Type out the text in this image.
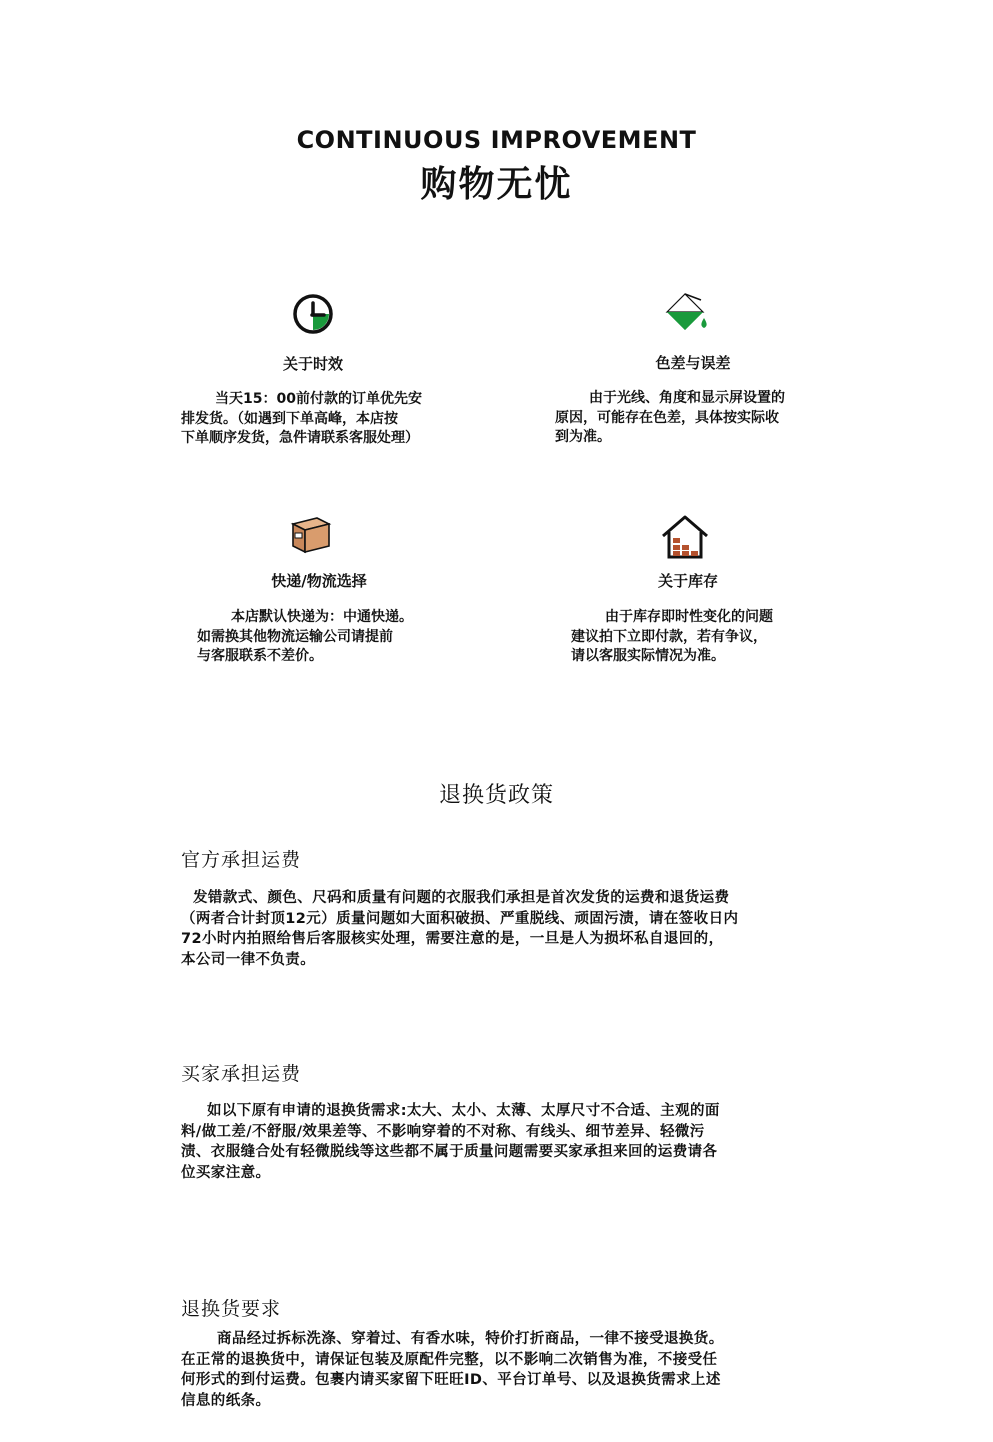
CONTINUOUS IMPROVEMENT
购物无忧
关于时效
当天15：00前付款的订单优先安
排发货。（如遇到下单高峰，本店按
下单顺序发货，急件请联系客服处理）
色差与误差
由于光线、角度和显示屏设置的
原因，可能存在色差，具体按实际收
到为准。
快递/物流选择
本店默认快递为：中通快递。
如需换其他物流运输公司请提前
与客服联系不差价。
关于库存
由于库存即时性变化的问题
建议拍下立即付款，若有争议，
请以客服实际情况为准。
退换货政策
官方承担运费
发错款式、颜色、尺码和质量有问题的衣服我们承担是首次发货的运费和退货运费
（两者合计封顶12元）质量问题如大面积破损、严重脱线、顽固污渍，请在签收日内
72小时内拍照给售后客服核实处理，需要注意的是，一旦是人为损坏私自退回的，
本公司一律不负责。
买家承担运费
如以下原有申请的退换货需求:太大、太小、太薄、太厚尺寸不合适、主观的面
料/做工差/不舒服/效果差等、不影响穿着的不对称、有线头、细节差异、轻微污
渍、衣服缝合处有轻微脱线等这些都不属于质量问题需要买家承担来回的运费请各
位买家注意。
退换货要求
商品经过拆标洗涤、穿着过、有香水味，特价打折商品，一律不接受退换货。
在正常的退换货中，请保证包装及原配件完整，以不影响二次销售为准，不接受任
何形式的到付运费。包裹内请买家留下旺旺ID、平台订单号、以及退换货需求上述
信息的纸条。
